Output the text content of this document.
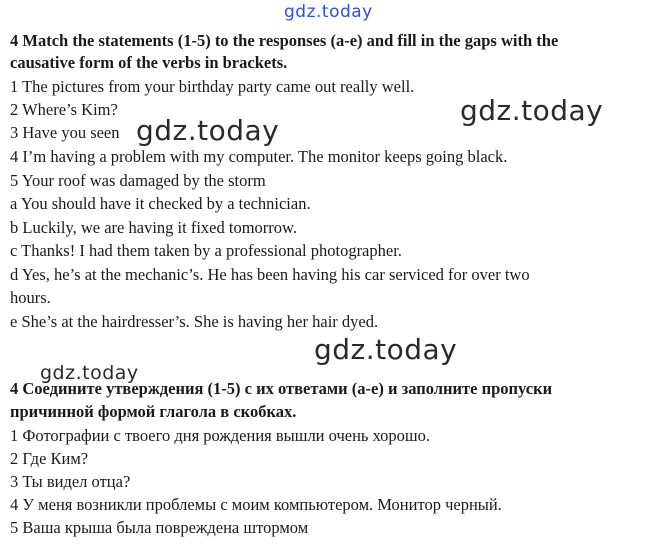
gdz.today
gdz.today
gdz.today
gdz.today
gdz.today
4 Match the statements (1-5) to the responses (a-e) and fill in the gaps with the
causative form of the verbs in brackets.
1 The pictures from your birthday party came out really well.
2 Where’s Kim?
3 Have you seen
4 I’m having a problem with my computer. The monitor keeps going black.
5 Your roof was damaged by the storm
a You should have it checked by a technician.
b Luckily, we are having it fixed tomorrow.
c Thanks! I had them taken by a professional photographer.
d Yes, he’s at the mechanic’s. He has been having his car serviced for over two
hours.
e She’s at the hairdresser’s. She is having her hair dyed.
4 Соедините утверждения (1-5) с их ответами (a-e) и заполните пропуски
причинной формой глагола в скобках.
1 Фотографии с твоего дня рождения вышли очень хорошо.
2 Где Ким?
3 Ты видел отца?
4 У меня возникли проблемы с моим компьютером. Монитор черный.
5 Ваша крыша была повреждена штормом
